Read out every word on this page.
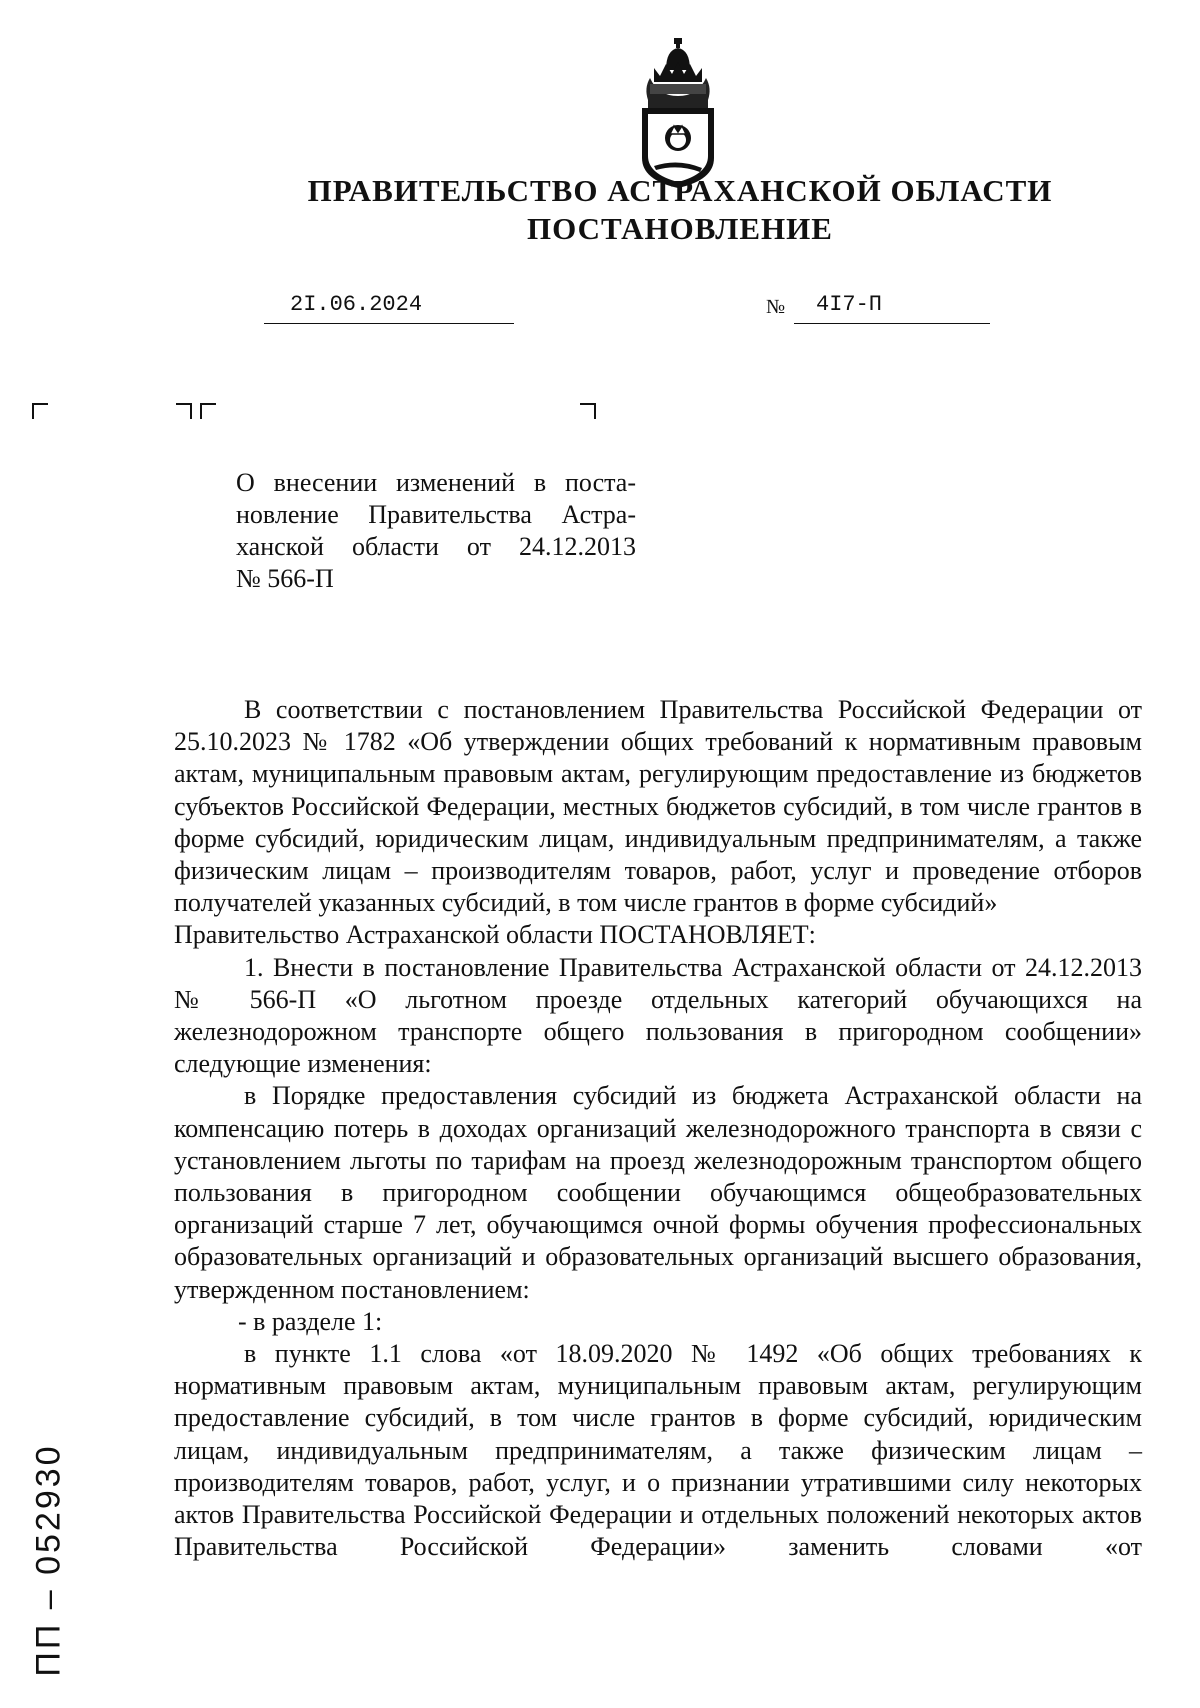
ПРАВИТЕЛЬСТВО АСТРАХАНСКОЙ ОБЛАСТИ
ПОСТАНОВЛЕНИЕ
2I.06.2024	№ 4I7-П
О внесении изменений в поста-
новление Правительства Астра-
ханской области от 24.12.2013
№ 566-П

В соответствии с постановлением Правительства Российской Федерации от 25.10.2023 № 1782 «Об утверждении общих требований к нормативным правовым актам, муниципальным правовым актам, регулирующим предоставление из бюджетов субъектов Российской Федерации, местных бюджетов субсидий, в том числе грантов в форме субсидий, юридическим лицам, индивидуальным предпринимателям, а также физическим лицам – производителям товаров, работ, услуг и проведение отборов получателей указанных субсидий, в том числе грантов в форме субсидий»

Правительство Астраханской области ПОСТАНОВЛЯЕТ:

1. Внести в постановление Правительства Астраханской области от 24.12.2013 № 566-П «О льготном проезде отдельных категорий обучающихся на железнодорожном транспорте общего пользования в пригородном сообщении» следующие изменения:

в Порядке предоставления субсидий из бюджета Астраханской области на компенсацию потерь в доходах организаций железнодорожного транспорта в связи с установлением льготы по тарифам на проезд железнодорожным транспортом общего пользования в пригородном сообщении обучающимся общеобразовательных организаций старше 7 лет, обучающимся очной формы обучения профессиональных образовательных организаций и образовательных организаций высшего образования, утвержденном постановлением:

- в разделе 1:

в пункте 1.1 слова «от 18.09.2020 № 1492 «Об общих требованиях к нормативным правовым актам, муниципальным правовым актам, регулирующим предоставление субсидий, в том числе грантов в форме субсидий, юридическим лицам, индивидуальным предпринимателям, а также физическим лицам – производителям товаров, работ, услуг, и о признании утратившими силу некоторых актов Правительства Российской Федерации и отдельных положений некоторых актов Правительства Российской Федерации» заменить словами «от

ПП – 052930
